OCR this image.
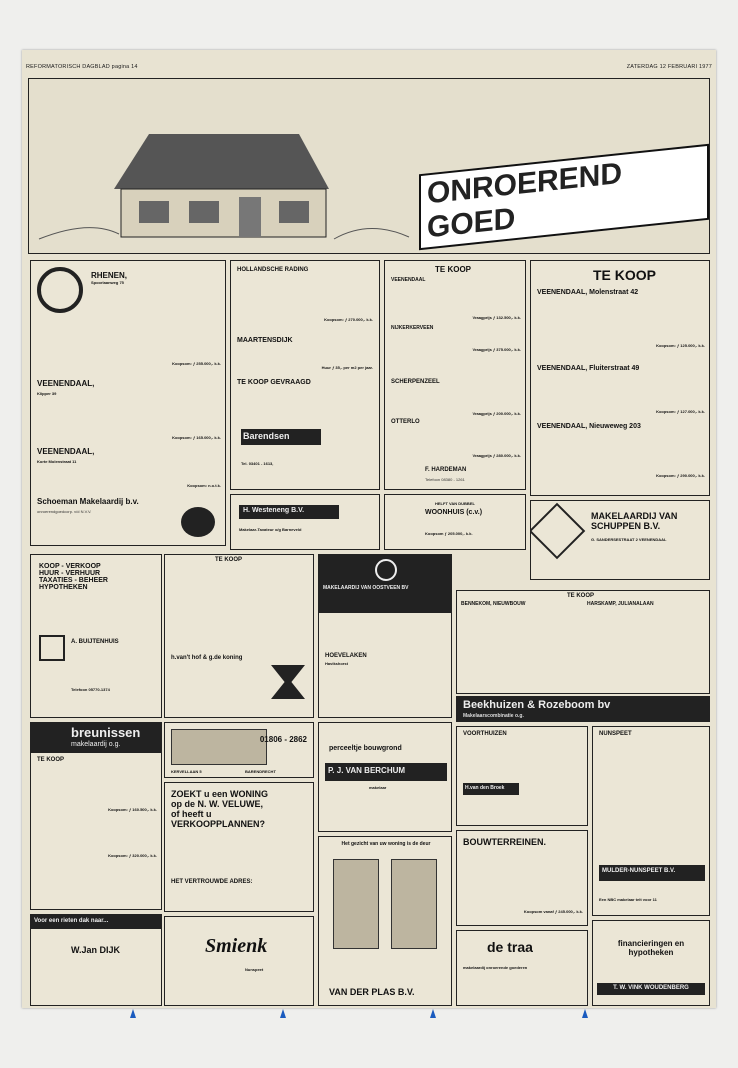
REFORMATORISCH DAGBLAD pagina 14	ZATERDAG 12 FEBRUARI 1977
ONROEREND GOED
RHENEN,
Spoorlaanweg 75
Koopsom: ƒ 255.000,- k.k.
VEENENDAAL,
Klipper 39
Koopsom: ƒ 165.000,- k.k.
VEENENDAAL,
Korte Molenstraat 11
Koopsom: n.o.t.k.
Schoeman Makelaardij b.v.
onroerendgoedcorp. v/d N.V.V.
HOLLANDSCHE RADING
Koopsom: ƒ 270.000,- k.k.
MAARTENSDIJK
Huur ƒ 35,- per m2 per jaar.
TE KOOP GEVRAAGD
Barendsen
Tel. 03401 - 1613,
TE KOOP
VEENENDAAL
Vraagprijs ƒ 132.500,- k.k.
NIJKERKERVEEN
Vraagprijs ƒ 375.000,- k.k.
SCHERPENZEEL
Vraagprijs ƒ 200.000,- k.k.
OTTERLO
Vraagprijs ƒ 280.000,- k.k.
F. HARDEMAN
Telefoon 08380 - 1261
TE KOOP
VEENENDAAL, Molenstraat 42
Koopsom: ƒ 125.000,- k.k.
VEENENDAAL, Fluiterstraat 49
Koopsom: ƒ 127.000,- k.k.
VEENENDAAL, Nieuweweg 203
Koopsom: ƒ 290.000,- k.k.
H. Westeneng B.V.
Makelaar-Taxateur o/g Barneveld
HELFT VAN DUBBEL
WOONHUIS (c.v.)
Koopsom ƒ 205.000,- k.k.
MAKELAARDIJ VAN SCHUPPEN B.V.
G. SANDERSESTRAAT 2 VEENENDAAL
KOOP - VERKOOP
HUUR - VERHUUR
TAXATIES - BEHEER
HYPOTHEKEN
A. BUIJTENHUIS
Telefoon 05770-1374
TE KOOP
h.van't hof & g.de koning
MAKELAARDIJ VAN OOSTVEEN BV
HOEVELAKEN
Havikshorst
TE KOOP
BENNEKOM, NIEUWBOUW	HARSKAMP, JULIANALAAN
Beekhuizen & Rozeboom bv
Makelaarscombinatie o.g.
breunissen
makelaardij o.g.
TE KOOP
Koopsom: ƒ 160.500,- k.k.
Koopsom: ƒ 320.000,- k.k.
01806 - 2862
KERVELLAAN 5	BARENDRECHT
perceeltje bouwgrond
P. J. VAN BERCHUM
makelaar
VOORTHUIZEN
H.van den Broek
NUNSPEET
MULDER-NUNSPEET B.V.
Een NBC makelaar telt voor 11
ZOEKT u een WONING
op de N. W. VELUWE,
of heeft u
VERKOOPPLANNEN?
HET VERTROUWDE ADRES:
Het gezicht van uw woning is de deur
VAN DER PLAS B.V.
BOUWTERREINEN.
Koopsom vanaf ƒ 245.000,- k.k.
de traa
makelaardij onroerende goederen
financieringen en hypotheken
T. W. VINK WOUDENBERG
Voor een rieten dak naar...
W.Jan DIJK	Smienk
Nunspeet
